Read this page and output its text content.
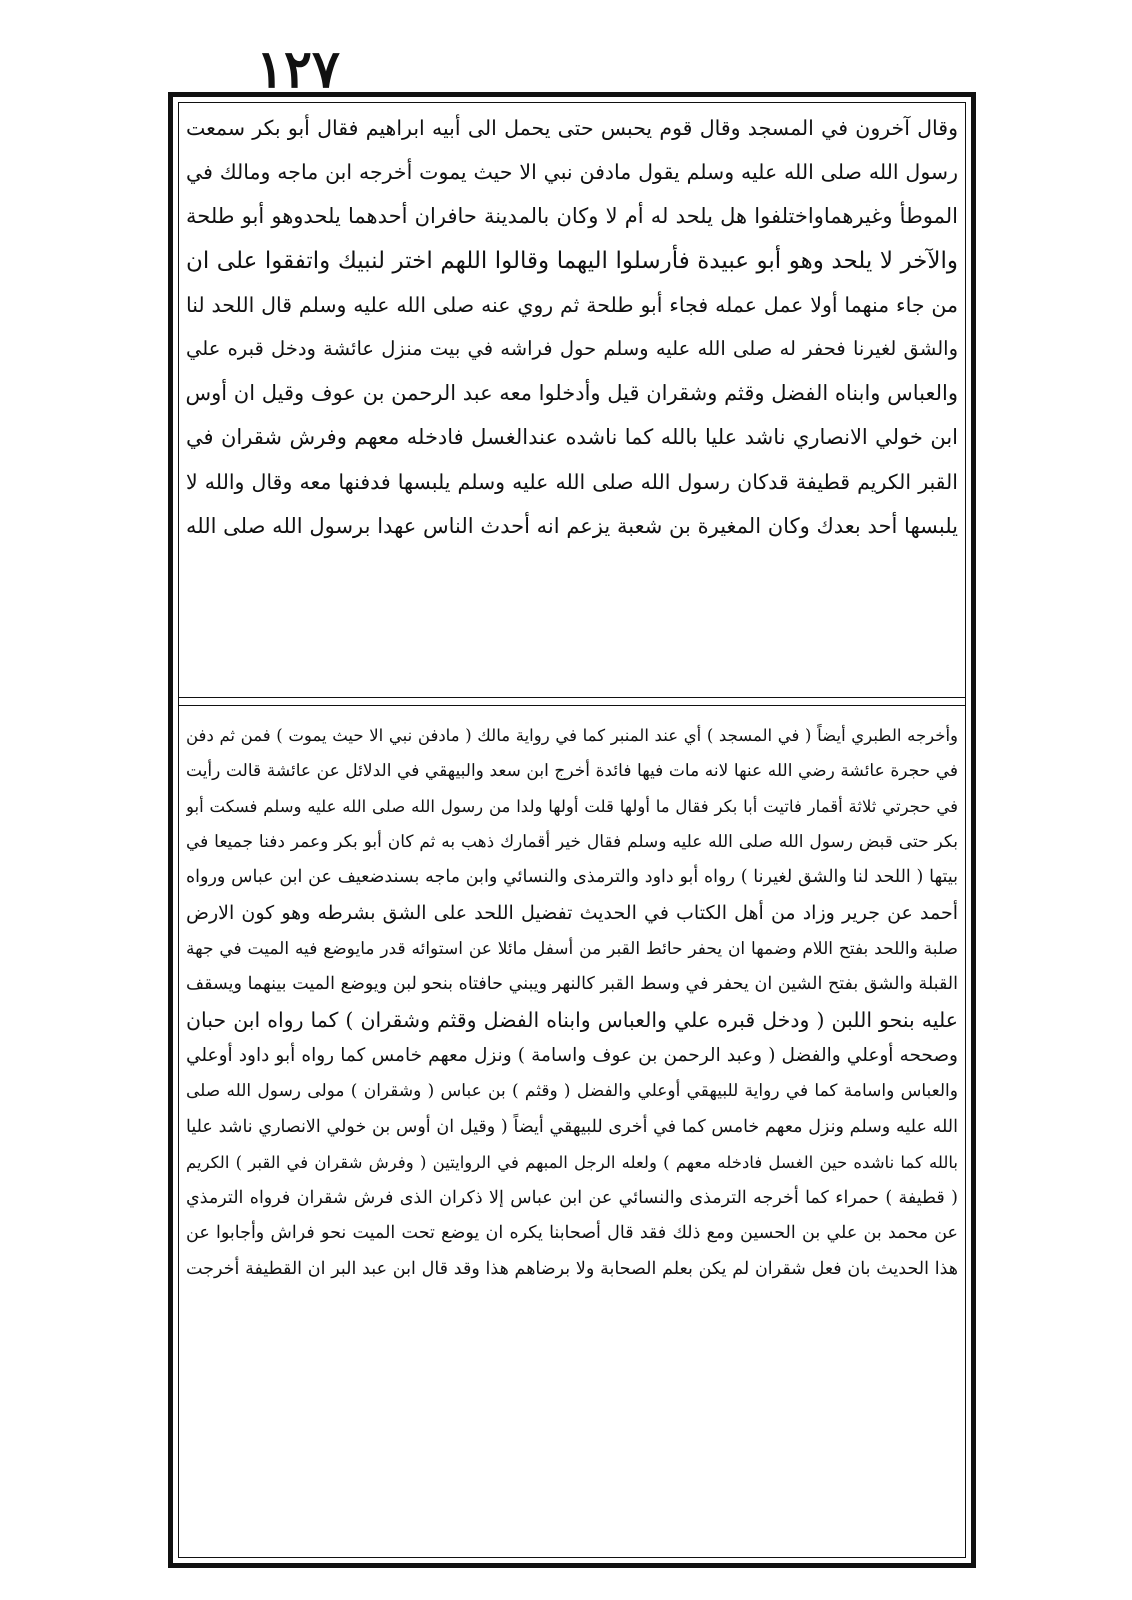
١٢٧

وقال آخرون في المسجد وقال قوم يحبس حتى يحمل الى أبيه ابراهيم فقال أبو بكر سمعت

رسول الله صلى الله عليه وسلم يقول مادفن نبي الا حيث يموت أخرجه ابن ماجه ومالك في

الموطأ وغيرهماواختلفوا هل يلحد له أم لا وكان بالمدينة حافران أحدهما يلحدوهو أبو طلحة

والآخر لا يلحد وهو أبو عبيدة فأرسلوا اليهما وقالوا اللهم اختر لنبيك واتفقوا على ان

من جاء منهما أولا عمل عمله فجاء أبو طلحة ثم روي عنه صلى الله عليه وسلم قال اللحد لنا

والشق لغيرنا فحفر له صلى الله عليه وسلم حول فراشه في بيت منزل عائشة ودخل قبره علي

والعباس وابناه الفضل وقثم وشقران قيل وأدخلوا معه عبد الرحمن بن عوف وقيل ان أوس

ابن خولي الانصاري ناشد عليا بالله كما ناشده عندالغسل فادخله معهم وفرش شقران في

القبر الكريم قطيفة قدكان رسول الله صلى الله عليه وسلم يلبسها فدفنها معه وقال والله لا

يلبسها أحد بعدك وكان المغيرة بن شعبة يزعم انه أحدث الناس عهدا برسول الله صلى الله

وأخرجه الطبري أيضاً ( في المسجد ) أي عند المنبر كما في رواية مالك ( مادفن نبي الا حيث يموت ) فمن ثم دفن

في حجرة عائشة رضي الله عنها لانه مات فيها فائدة أخرج ابن سعد والبيهقي في الدلائل عن عائشة قالت رأيت

في حجرتي ثلاثة أقمار فاتيت أبا بكر فقال ما أولها قلت أولها ولدا من رسول الله صلى الله عليه وسلم فسكت أبو

بكر حتى قبض رسول الله صلى الله عليه وسلم فقال خير أقمارك ذهب به ثم كان أبو بكر وعمر دفنا جميعا في

بيتها ( اللحد لنا والشق لغيرنا ) رواه أبو داود والترمذى والنسائي وابن ماجه بسندضعيف عن ابن عباس ورواه

أحمد عن جرير وزاد من أهل الكتاب في الحديث تفضيل اللحد على الشق بشرطه وهو كون الارض

صلبة واللحد بفتح اللام وضمها ان يحفر حائط القبر من أسفل مائلا عن استوائه قدر مايوضع فيه الميت في جهة

القبلة والشق بفتح الشين ان يحفر في وسط القبر كالنهر ويبني حافتاه بنحو لبن ويوضع الميت بينهما ويسقف

عليه بنحو اللبن ( ودخل قبره علي والعباس وابناه الفضل وقثم وشقران ) كما رواه ابن حبان

وصححه أوعلي والفضل ( وعبد الرحمن بن عوف واسامة ) ونزل معهم خامس كما رواه أبو داود أوعلي

والعباس واسامة كما في رواية للبيهقي أوعلي والفضل ( وقثم ) بن عباس ( وشقران ) مولى رسول الله صلى

الله عليه وسلم ونزل معهم خامس كما في أخرى للبيهقي أيضاً ( وقيل ان أوس بن خولي الانصاري ناشد عليا

بالله كما ناشده حين الغسل فادخله معهم ) ولعله الرجل المبهم في الروايتين ( وفرش شقران في القبر ) الكريم

( قطيفة ) حمراء كما أخرجه الترمذى والنسائي عن ابن عباس إلا ذكران الذى فرش شقران فرواه الترمذي

عن محمد بن علي بن الحسين ومع ذلك فقد قال أصحابنا يكره ان يوضع تحت الميت نحو فراش وأجابوا عن

هذا الحديث بان فعل شقران لم يكن بعلم الصحابة ولا برضاهم هذا وقد قال ابن عبد البر ان القطيفة أخرجت
